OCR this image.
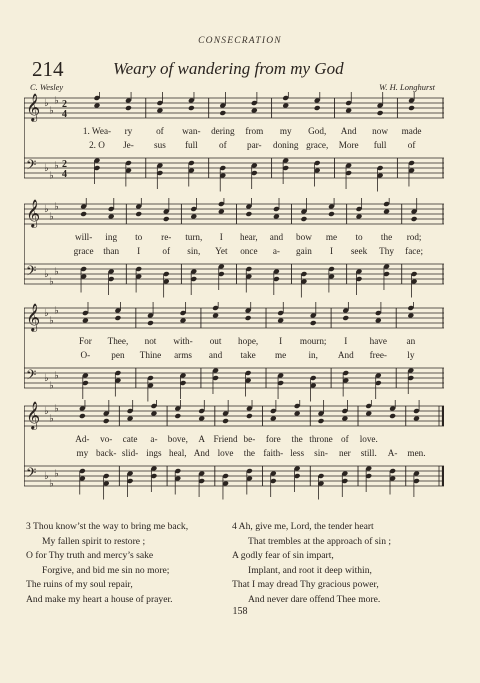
CONSECRATION
214	Weary of wandering from my God
C. Wesley	W. H. Longhurst
𝄞 ♭
♭
♭ 2
4
𝄢 ♭
♭
♭ 2
4
1. Wea- ry	of wan- dering from my God, And now made
2. O Je- sus full of par- doning grace, More full of
𝄞 ♭
♭
♭
𝄢 ♭
♭
♭
will- ing to re- turn, I hear, and bow me to the rod;
grace than I of sin, Yet once a- gain I seek Thy face;
𝄞 ♭
♭
♭
𝄢 ♭
♭
♭
For Thee, not with- out hope, I mourn; I have an
O- pen Thine arms and take me in, And free- ly
𝄞 ♭
♭
♭
𝄢 ♭
♭
♭
Ad- vo- cate a- bove, A Friend be- fore the throne of love.
my back- slid- ings heal, And love the faith- less sin- ner still. A- men.
3 Thou know’st the way to bring me back,
My fallen spirit to restore ;
O for Thy truth and mercy’s sake
Forgive, and bid me sin no more;
The ruins of my soul repair,
And make my heart a house of prayer.
4 Ah, give me, Lord, the tender heart
That trembles at the approach of sin ;
A godly fear of sin impart,
Implant, and root it deep within,
That I may dread Thy gracious power,
And never dare offend Thee more.
158
